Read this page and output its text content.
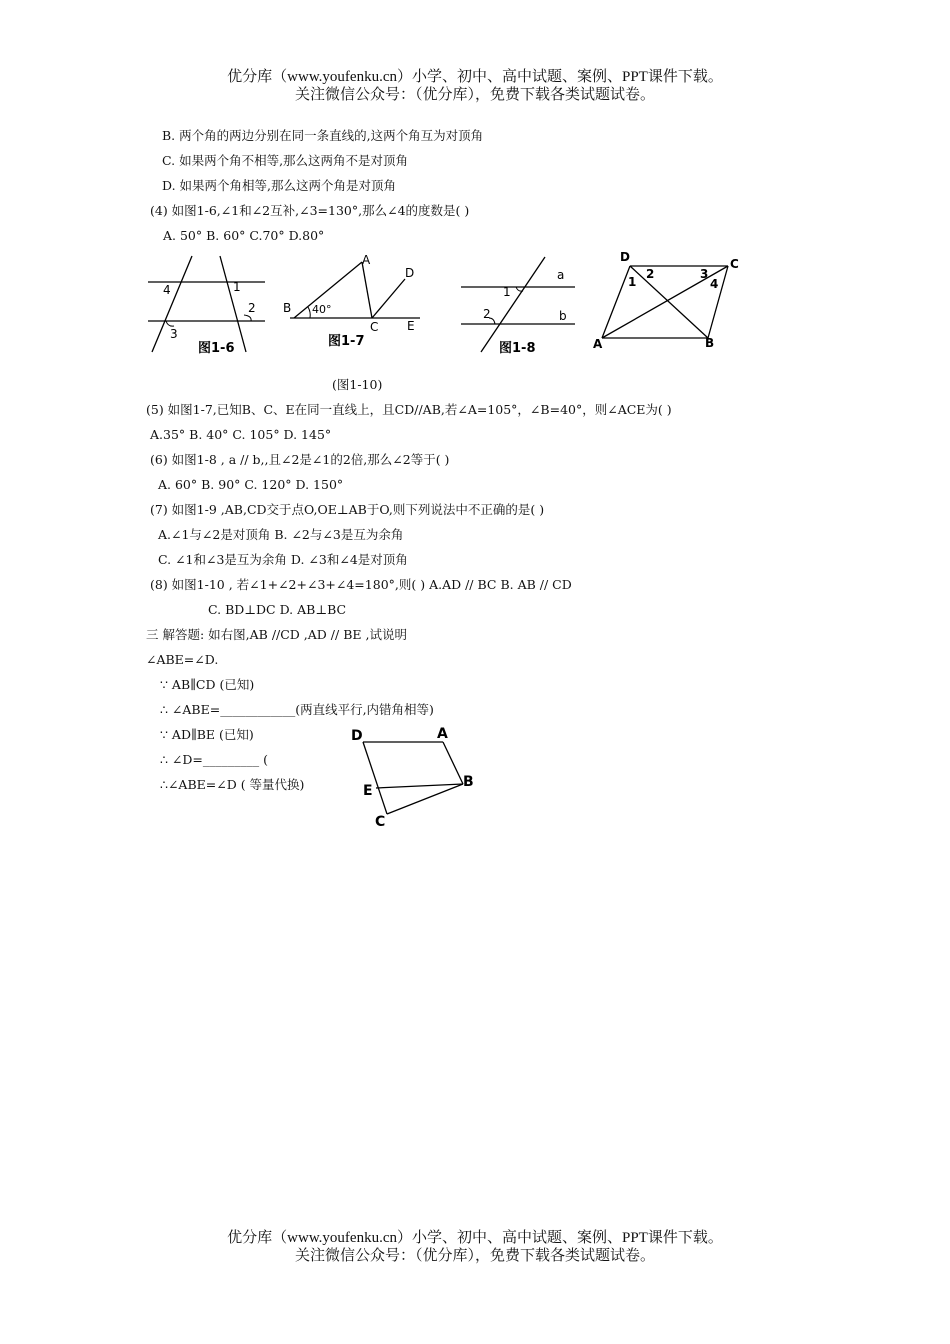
优分库（www.youfenku.cn）小学、初中、高中试题、案例、PPT课件下载。
关注微信公众号：（优分库），免费下载各类试题试卷。
B. 两个角的两边分别在同一条直线的,这两个角互为对顶角
C. 如果两个角不相等,那么这两角不是对顶角
D. 如果两个角相等,那么这两个角是对顶角
(4) 如图1-6,∠1和∠2互补,∠3=130°,那么∠4的度数是( )
A. 50° B. 60° C.70° D.80°
4	1
2
3
图1-6
A
D
B 40°
C E
图1-7
a
1
2	b
图1-8
D	C
2	3
1	4
A	B
(图1-10)
(5) 如图1-7,已知B、C、E在同一直线上，且CD//AB,若∠A=105°，∠B=40°，则∠ACE为( )
A.35° B. 40° C. 105° D. 145°
(6) 如图1-8 , a // b,,且∠2是∠1的2倍,那么∠2等于( )
A. 60° B. 90° C. 120° D. 150°
(7) 如图1-9 ,AB,CD交于点O,OE⊥AB于O,则下列说法中不正确的是( )
A.∠1与∠2是对顶角 B. ∠2与∠3是互为余角
C. ∠1和∠3是互为余角 D. ∠3和∠4是对顶角
(8) 如图1-10 , 若∠1+∠2+∠3+∠4=180°,则( ) A.AD // BC B. AB // CD
C. BD⊥DC D. AB⊥BC
三 解答题: 如右图,AB //CD ,AD // BE ,试说明
∠ABE=∠D.
∵ AB∥CD (已知)
∴ ∠ABE=____________(两直线平行,内错角相等)
∵ AD∥BE (已知)
∴ ∠D=_________ (
∴∠ABE=∠D ( 等量代换)
D	A
B
E
C
优分库（www.youfenku.cn）小学、初中、高中试题、案例、PPT课件下载。
关注微信公众号：（优分库），免费下载各类试题试卷。
